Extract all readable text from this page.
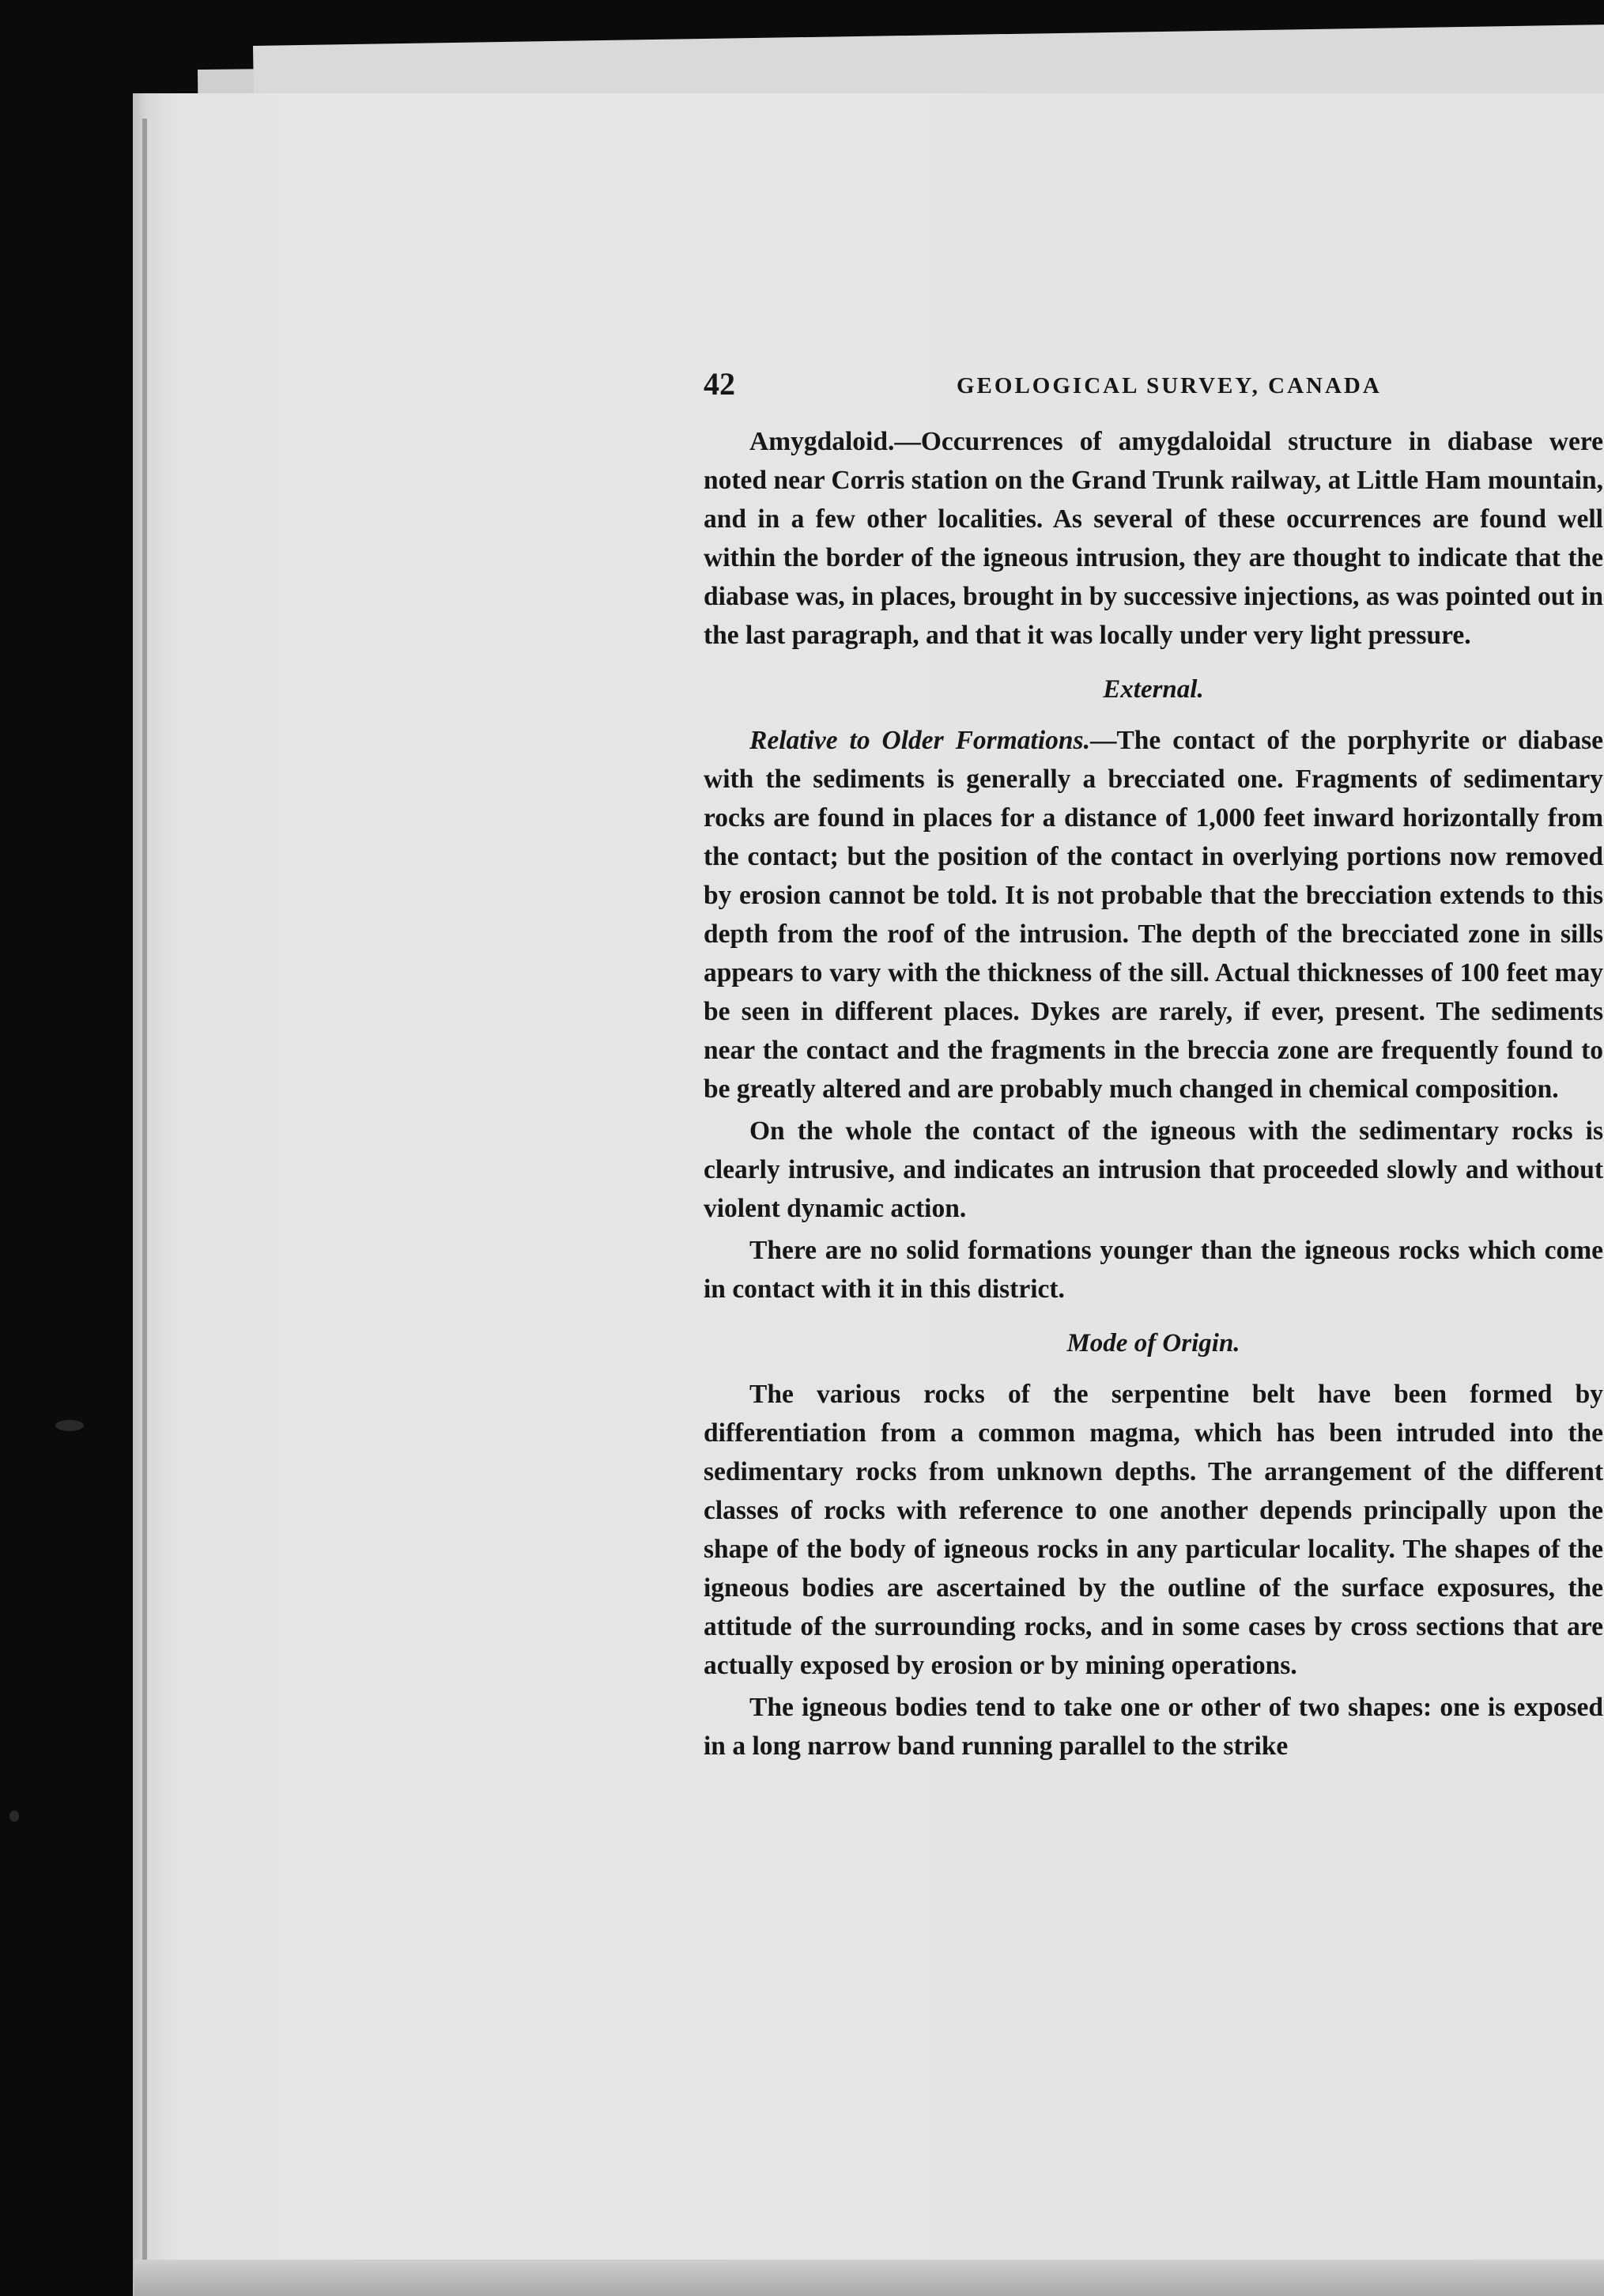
42	GEOLOGICAL SURVEY, CANADA

Amygdaloid.—Occurrences of amygdaloidal structure in diabase were noted near Corris station on the Grand Trunk railway, at Little Ham mountain, and in a few other localities. As several of these occurrences are found well within the border of the igneous intrusion, they are thought to indicate that the diabase was, in places, brought in by successive injections, as was pointed out in the last paragraph, and that it was locally under very light pressure.

External.

Relative to Older Formations.—The contact of the porphyrite or diabase with the sediments is generally a brecciated one. Fragments of sedimentary rocks are found in places for a distance of 1,000 feet inward horizontally from the contact; but the position of the contact in overlying portions now removed by erosion cannot be told. It is not probable that the brecciation extends to this depth from the roof of the intrusion. The depth of the brecciated zone in sills appears to vary with the thickness of the sill. Actual thicknesses of 100 feet may be seen in different places. Dykes are rarely, if ever, present. The sediments near the contact and the fragments in the breccia zone are frequently found to be greatly altered and are probably much changed in chemical composition.

On the whole the contact of the igneous with the sedimentary rocks is clearly intrusive, and indicates an intrusion that proceeded slowly and without violent dynamic action.

There are no solid formations younger than the igneous rocks which come in contact with it in this district.

Mode of Origin.

The various rocks of the serpentine belt have been formed by differentiation from a common magma, which has been intruded into the sedimentary rocks from unknown depths. The arrangement of the different classes of rocks with reference to one another depends principally upon the shape of the body of igneous rocks in any particular locality. The shapes of the igneous bodies are ascertained by the outline of the surface exposures, the attitude of the surrounding rocks, and in some cases by cross sections that are actually exposed by erosion or by mining operations.

The igneous bodies tend to take one or other of two shapes: one is exposed in a long narrow band running parallel to the strike
